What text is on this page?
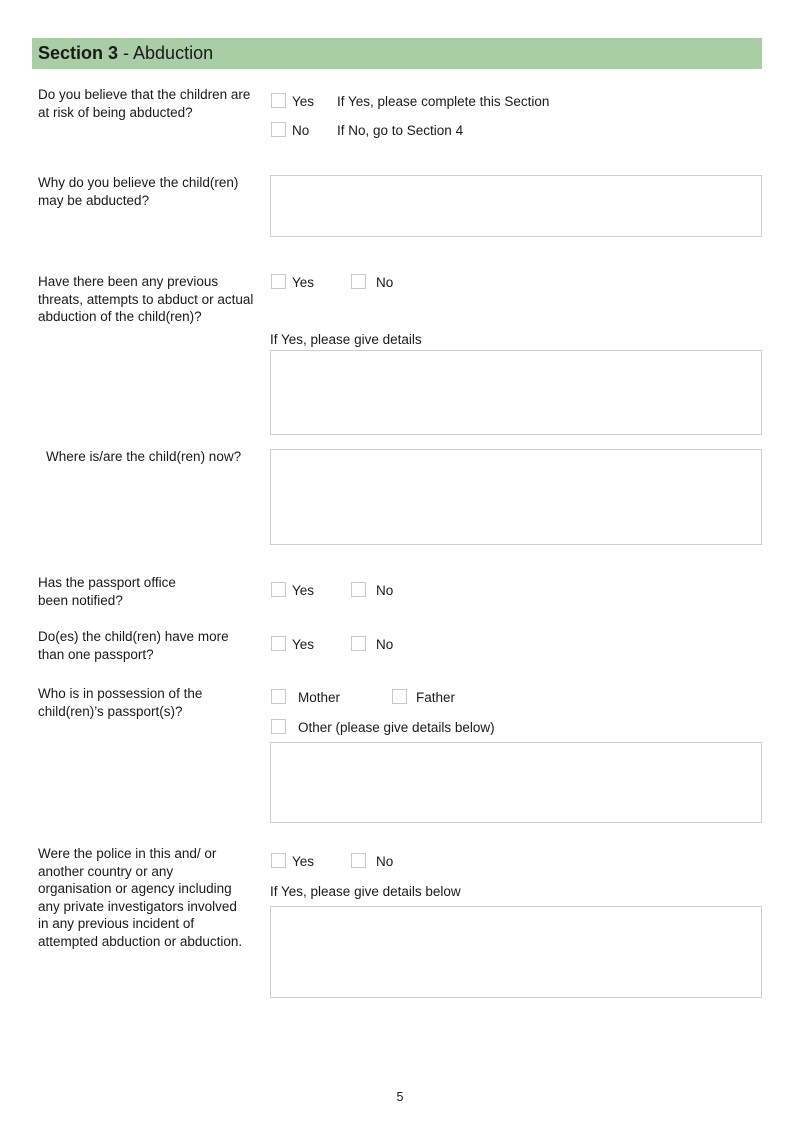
Section 3 - Abduction
Do you believe that the children are at risk of being abducted?
Yes If Yes, please complete this Section
No If No, go to Section 4
Why do you believe the child(ren) may be abducted?
Have there been any previous threats, attempts to abduct or actual abduction of the child(ren)?
Yes	No
If Yes, please give details
Where is/are the child(ren) now?
Has the passport office been notified?
Yes	No
Do(es) the child(ren) have more than one passport?
Yes	No
Who is in possession of the child(ren)’s passport(s)?
Mother	Father
Other (please give details below)
Were the police in this and/ or another country or any organisation or agency including any private investigators involved in any previous incident of attempted abduction or abduction.
Yes	No
If Yes, please give details below
5
